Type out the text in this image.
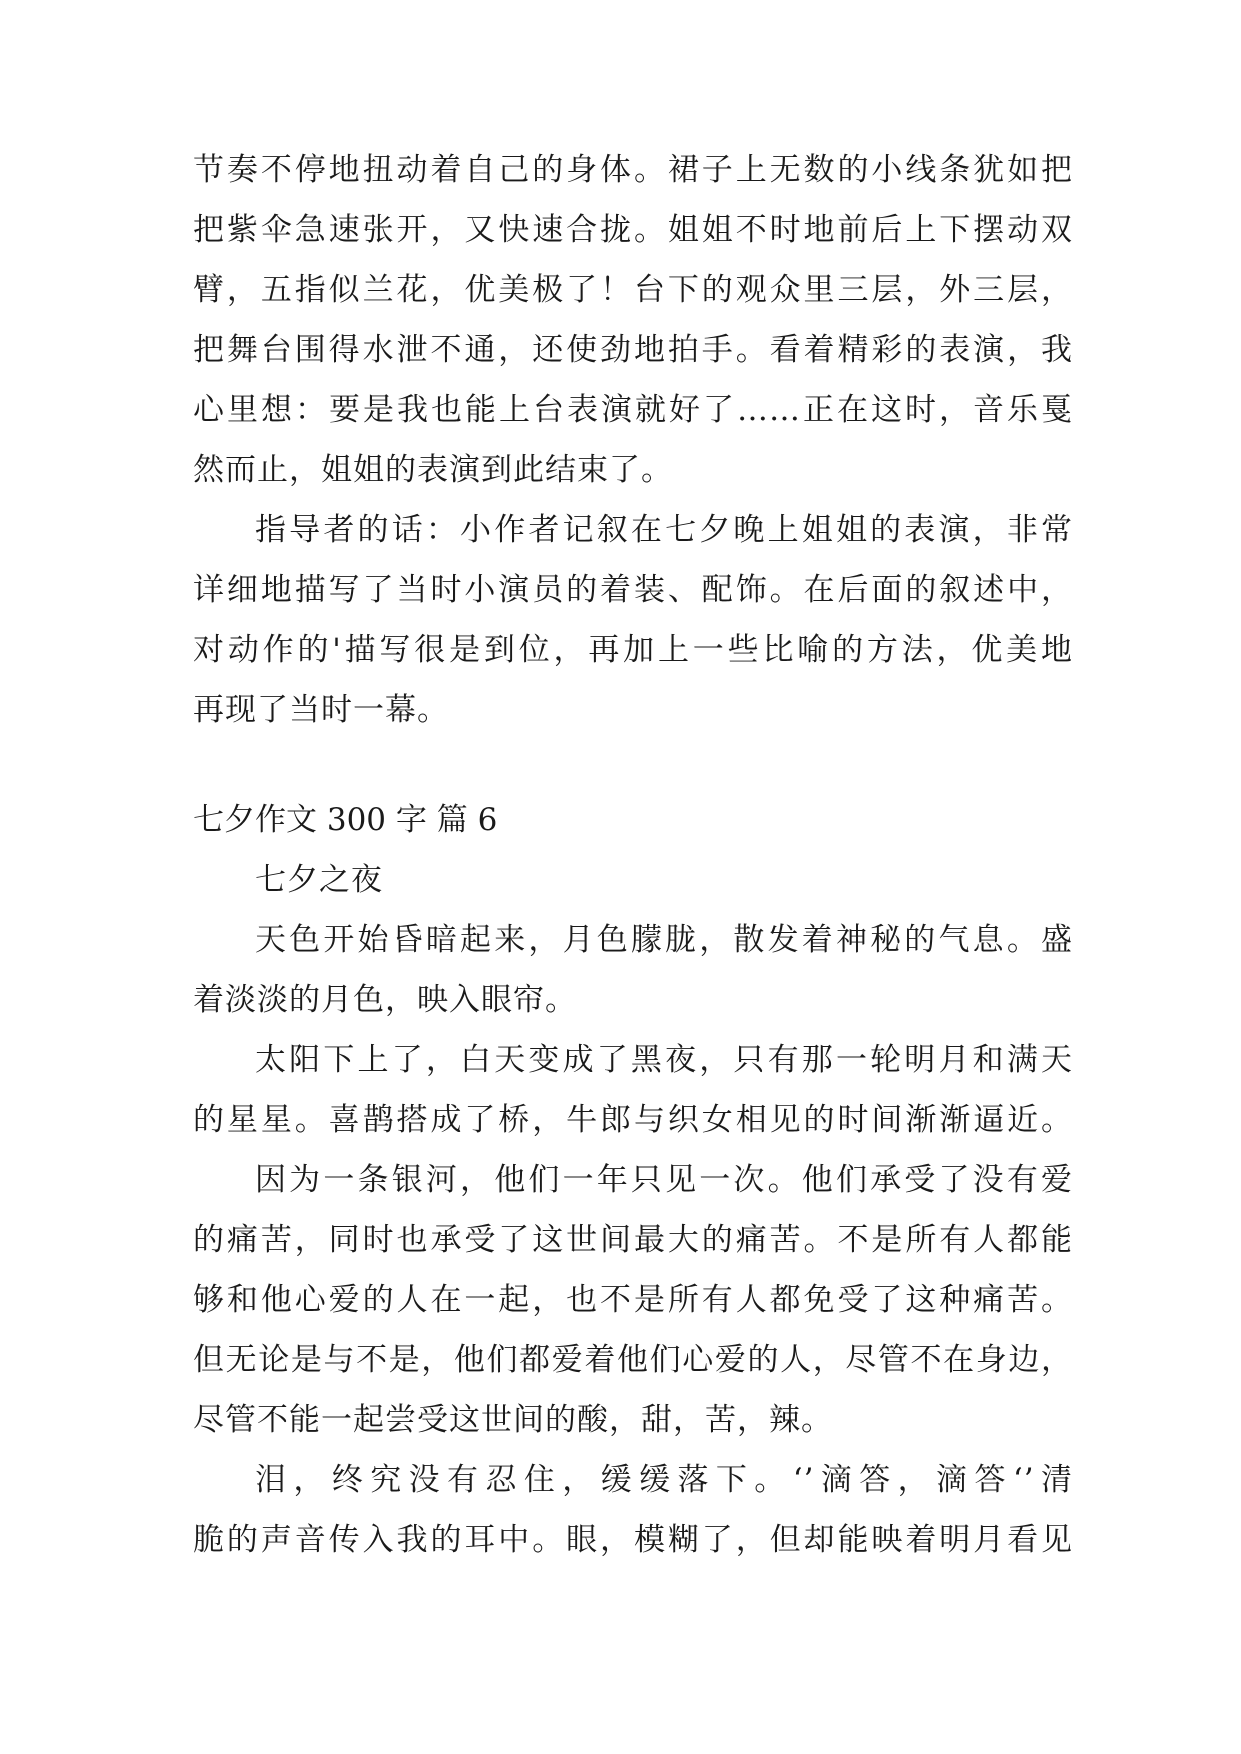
节奏不停地扭动着自己的身体。裙子上无数的小线条犹如把
把紫伞急速张开，又快速合拢。姐姐不时地前后上下摆动双
臂，五指似兰花，优美极了！台下的观众里三层，外三层，
把舞台围得水泄不通，还使劲地拍手。看着精彩的表演，我
心里想：要是我也能上台表演就好了……正在这时，音乐戛
然而止，姐姐的表演到此结束了。
指导者的话：小作者记叙在七夕晚上姐姐的表演，非常
详细地描写了当时小演员的着装、配饰。在后面的叙述中，
对动作的'描写很是到位，再加上一些比喻的方法，优美地
再现了当时一幕。
七夕作文 300 字 篇 6
七夕之夜
天色开始昏暗起来，月色朦胧，散发着神秘的气息。盛
着淡淡的月色，映入眼帘。
太阳下上了，白天变成了黑夜，只有那一轮明月和满天
的星星。喜鹊搭成了桥，牛郎与织女相见的时间渐渐逼近。
因为一条银河，他们一年只见一次。他们承受了没有爱
的痛苦，同时也承受了这世间最大的痛苦。不是所有人都能
够和他心爱的人在一起，也不是所有人都免受了这种痛苦。
但无论是与不是，他们都爱着他们心爱的人，尽管不在身边，
尽管不能一起尝受这世间的酸，甜，苦，辣。
泪，终究没有忍住，缓缓落下。‘’滴答，滴答‘’清
脆的声音传入我的耳中。眼，模糊了，但却能映着明月看见
